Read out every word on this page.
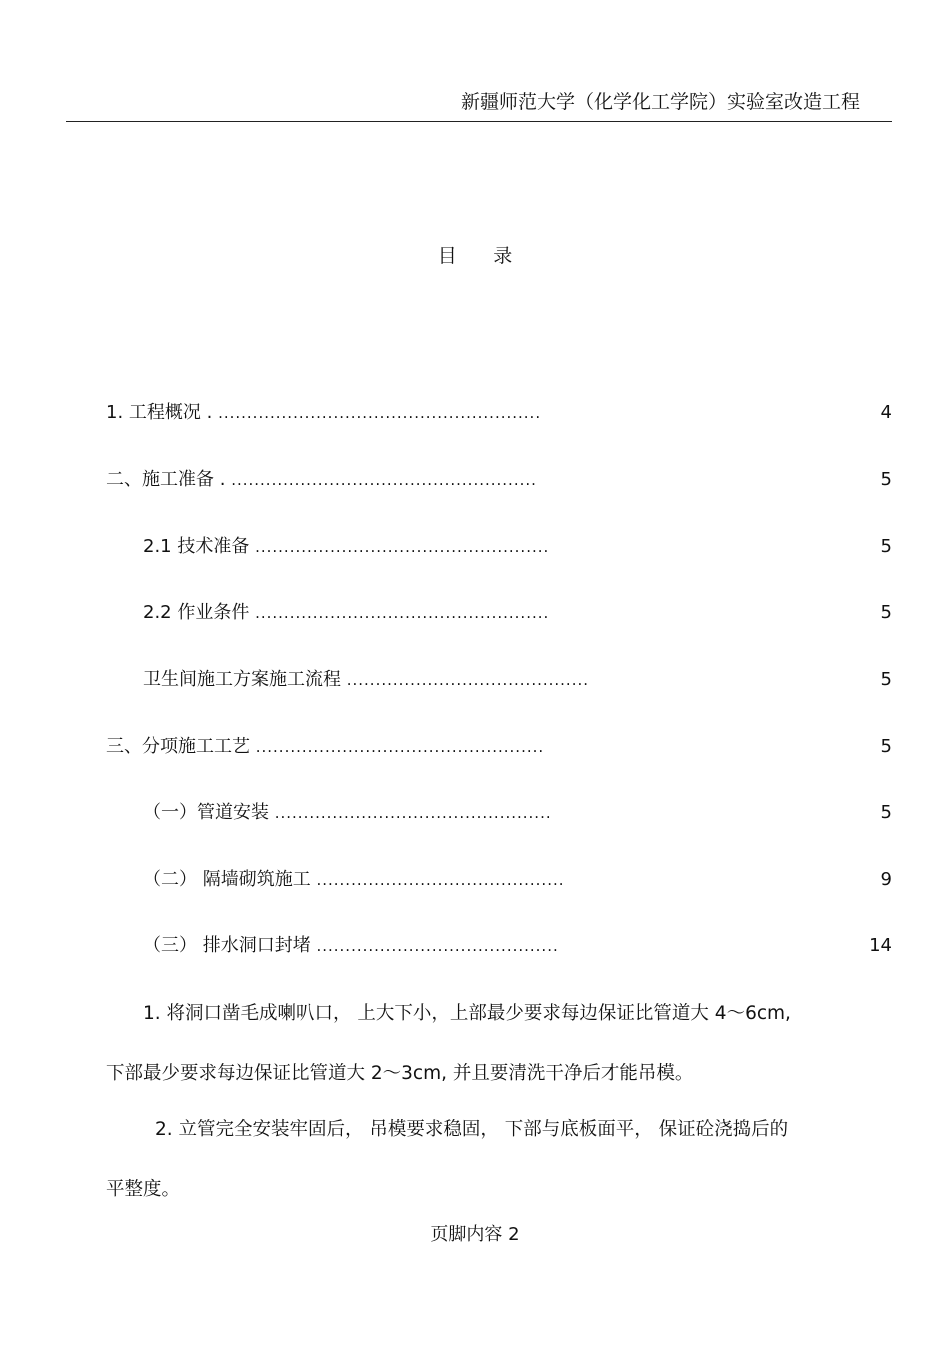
新疆师范大学（化学化工学院）实验室改造工程
目 录
1. 工程概况 . ........................................................	4
二、施工准备 . .....................................................	5
2.1 技术准备 ...................................................	5
2.2 作业条件 ...................................................	5
卫生间施工方案施工流程 ..........................................	5
三、分项施工工艺 ..................................................	5
（一）管道安装 ................................................	5
（二） 隔墙砌筑施工 ...........................................	9
（三） 排水洞口封堵 ..........................................	14
1. 将洞口凿毛成喇叭口， 上大下小，上部最少要求每边保证比管道大 4～6cm,
下部最少要求每边保证比管道大 2～3cm, 并且要清洗干净后才能吊模。
2. 立管完全安装牢固后， 吊模要求稳固， 下部与底板面平， 保证砼浇捣后的
平整度。
页脚内容 2
